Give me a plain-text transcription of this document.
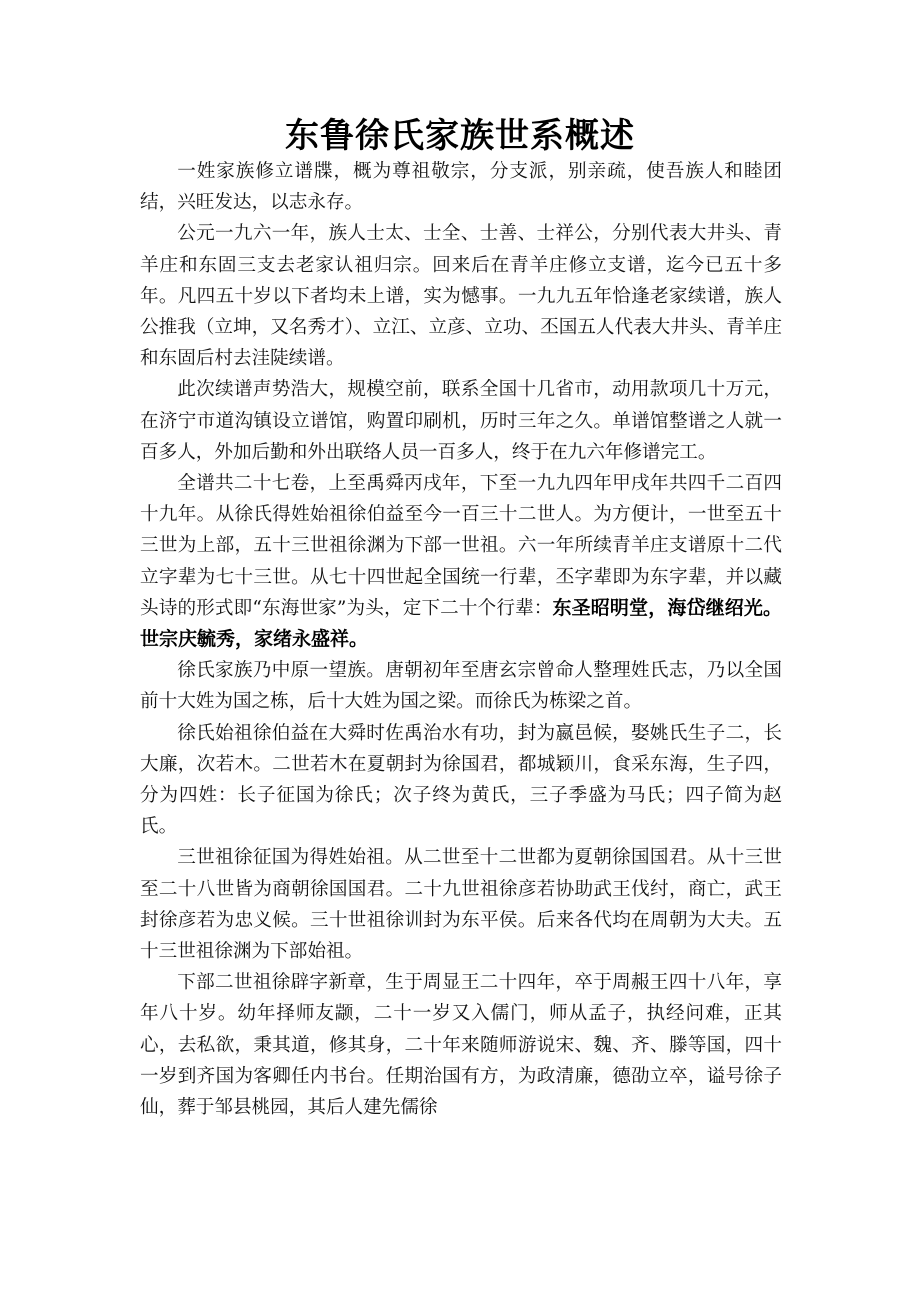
东鲁徐氏家族世系概述

一姓家族修立谱牒，概为尊祖敬宗，分支派，别亲疏，使吾族人和睦团结，兴旺发达，以志永存。

公元一九六一年，族人士太、士全、士善、士祥公，分别代表大井头、青羊庄和东固三支去老家认祖归宗。回来后在青羊庄修立支谱，迄今已五十多年。凡四五十岁以下者均未上谱，实为憾事。一九九五年恰逢老家续谱，族人公推我（立坤，又名秀才）、立江、立彦、立功、丕国五人代表大井头、青羊庄和东固后村去洼陡续谱。

此次续谱声势浩大，规模空前，联系全国十几省市，动用款项几十万元，在济宁市道沟镇设立谱馆，购置印刷机，历时三年之久。单谱馆整谱之人就一百多人，外加后勤和外出联络人员一百多人，终于在九六年修谱完工。

全谱共二十七卷，上至禹舜丙戌年，下至一九九四年甲戌年共四千二百四十九年。从徐氏得姓始祖徐伯益至今一百三十二世人。为方便计，一世至五十三世为上部，五十三世祖徐渊为下部一世祖。六一年所续青羊庄支谱原十二代立字辈为七十三世。从七十四世起全国统一行辈，丕字辈即为东字辈，并以藏头诗的形式即“东海世家”为头，定下二十个行辈：东圣昭明堂，海岱继绍光。世宗庆毓秀，家绪永盛祥。

徐氏家族乃中原一望族。唐朝初年至唐玄宗曾命人整理姓氏志，乃以全国前十大姓为国之栋，后十大姓为国之梁。而徐氏为栋梁之首。

徐氏始祖徐伯益在大舜时佐禹治水有功，封为嬴邑候，娶姚氏生子二，长大廉，次若木。二世若木在夏朝封为徐国君，都城颖川，食采东海，生子四，分为四姓：长子征国为徐氏；次子终为黄氏，三子季盛为马氏；四子简为赵氏。

三世祖徐征国为得姓始祖。从二世至十二世都为夏朝徐国国君。从十三世至二十八世皆为商朝徐国国君。二十九世祖徐彦若协助武王伐纣，商亡，武王封徐彦若为忠义候。三十世祖徐训封为东平侯。后来各代均在周朝为大夫。五十三世祖徐渊为下部始祖。

下部二世祖徐辟字新章，生于周显王二十四年，卒于周赧王四十八年，享年八十岁。幼年择师友颛，二十一岁又入儒门，师从孟子，执经问难，正其心，去私欲，秉其道，修其身，二十年来随师游说宋、魏、齐、滕等国，四十一岁到齐国为客卿任内书台。任期治国有方，为政清廉，德劭立卒，谥号徐子仙，葬于邹县桃园，其后人建先儒徐
